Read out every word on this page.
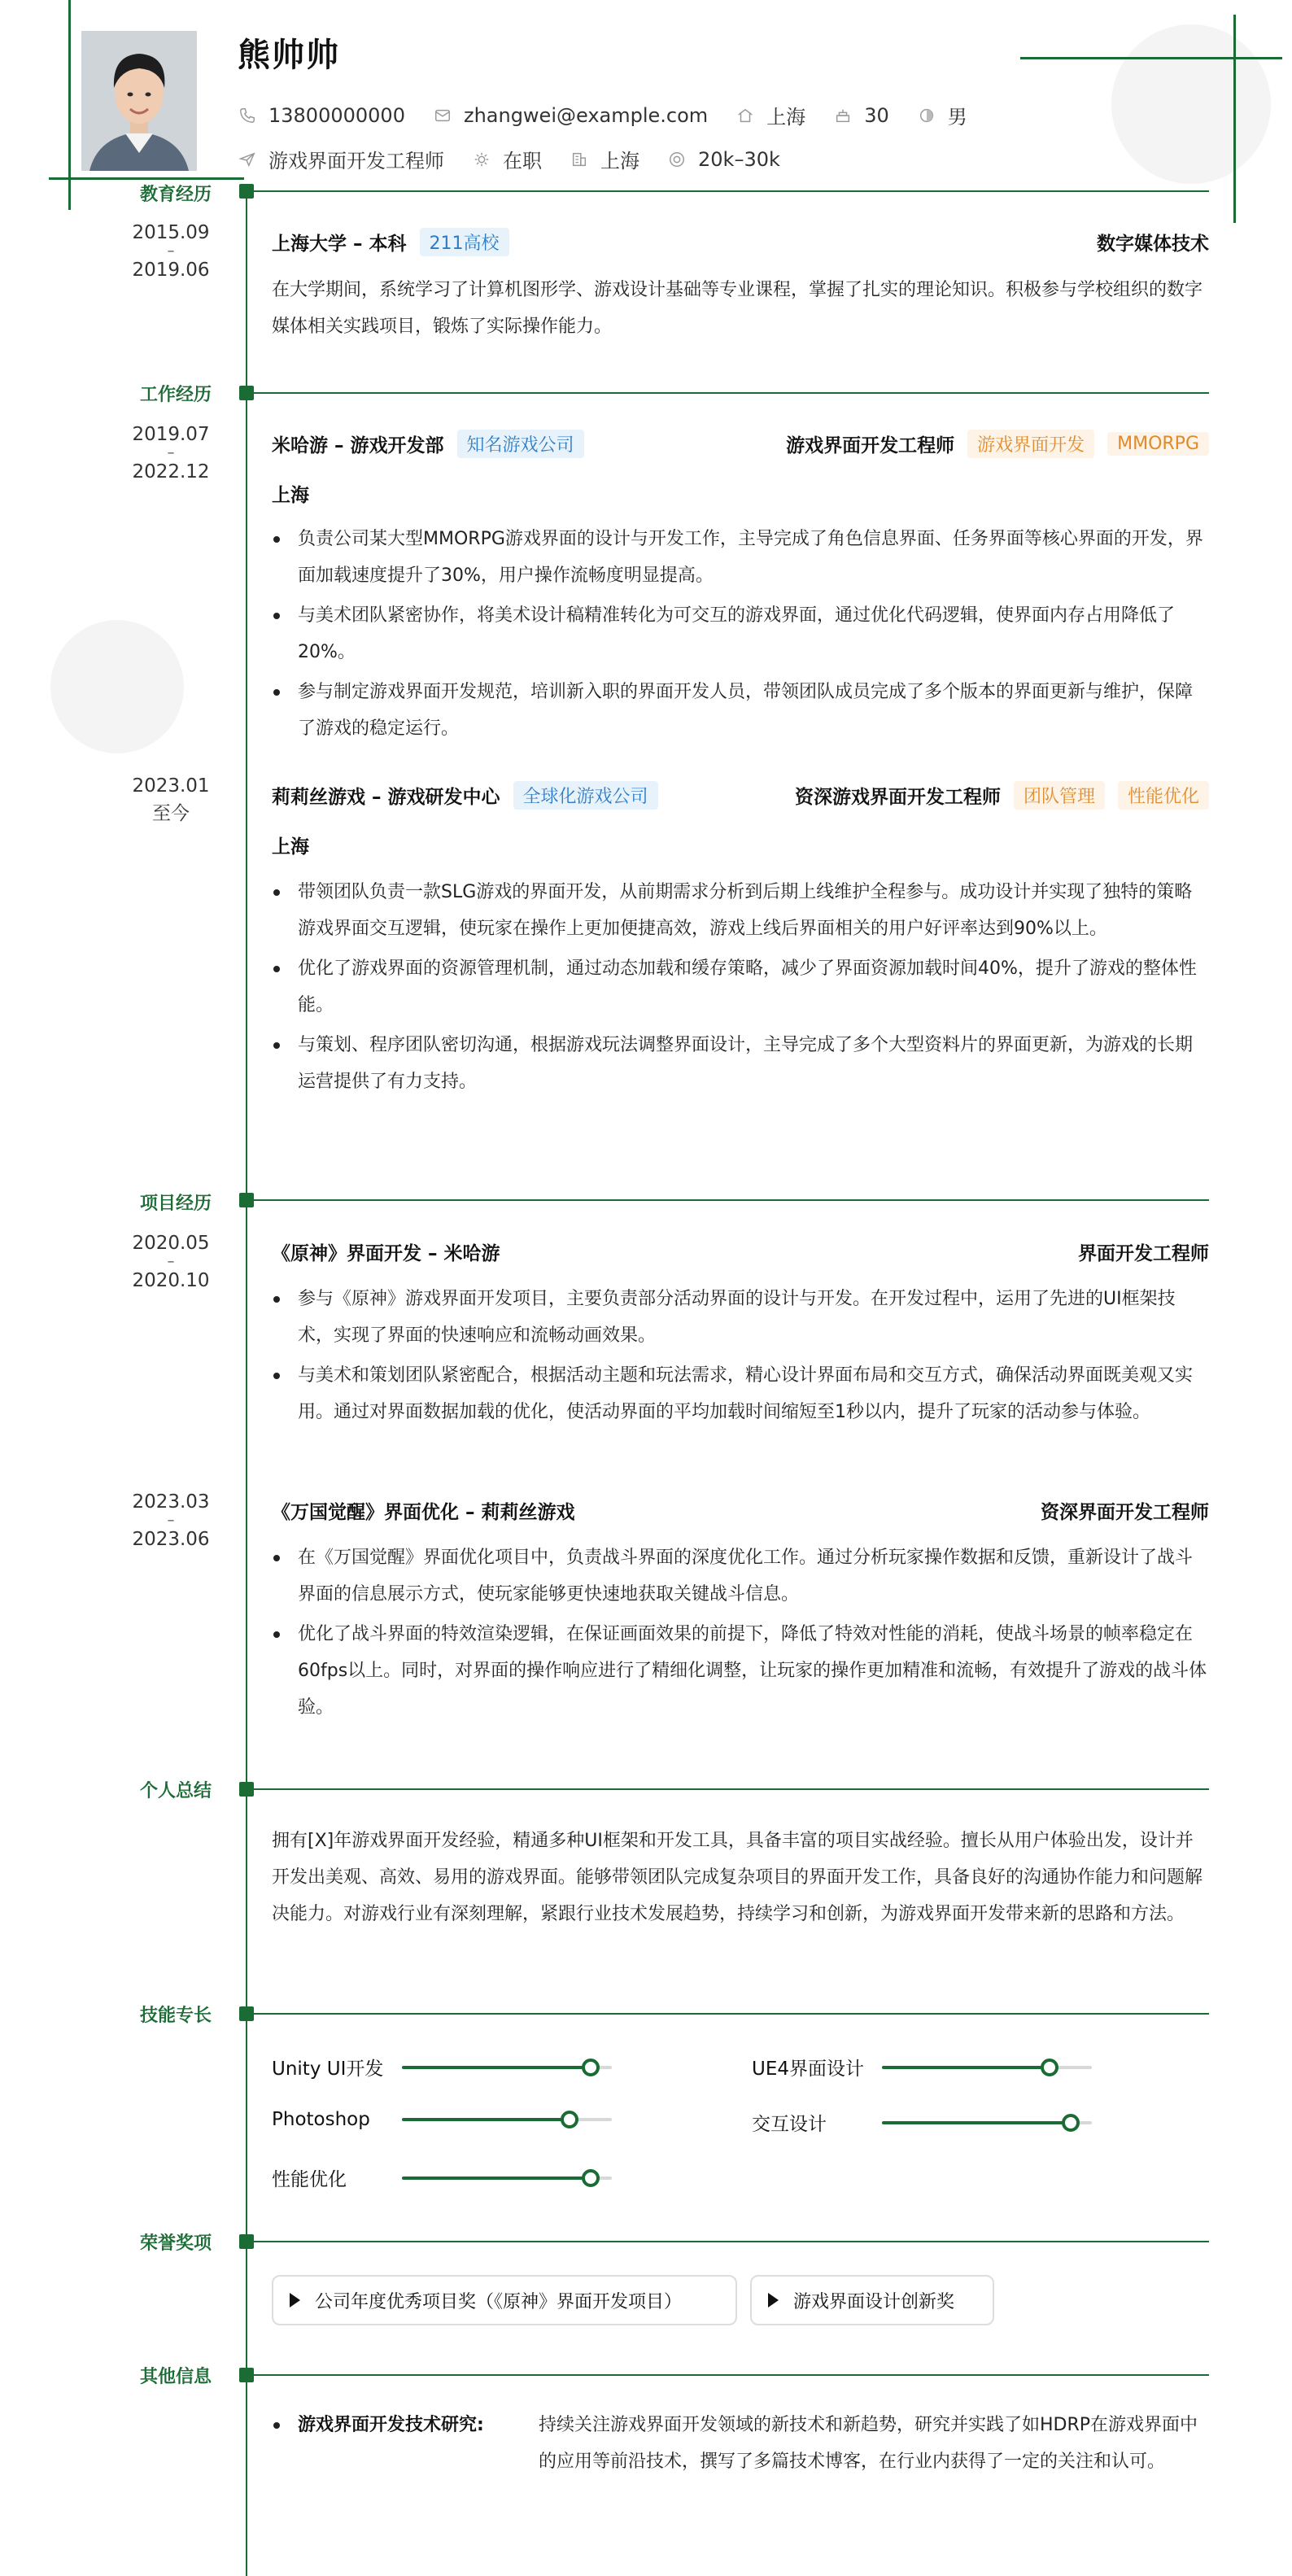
熊帅帅
13800000000	zhangwei@example.com	上海	30	男
游戏界面开发工程师	在职	上海	20k–30k
教育经历
2015.09
–
2019.06
上海大学 – 本科	211高校	数字媒体技术
在大学期间，系统学习了计算机图形学、游戏设计基础等专业课程，掌握了扎实的理论知识。积极参与学校组织的数字媒体相关实践项目，锻炼了实际操作能力。
工作经历
2019.07
–
2022.12
米哈游 – 游戏开发部	知名游戏公司	游戏界面开发工程师	游戏界面开发	MMORPG
上海
负责公司某大型MMORPG游戏界面的设计与开发工作，主导完成了角色信息界面、任务界面等核心界面的开发，界面加载速度提升了30%，用户操作流畅度明显提高。
与美术团队紧密协作，将美术设计稿精准转化为可交互的游戏界面，通过优化代码逻辑，使界面内存占用降低了20%。
参与制定游戏界面开发规范，培训新入职的界面开发人员，带领团队成员完成了多个版本的界面更新与维护，保障了游戏的稳定运行。
2023.01
至今
莉莉丝游戏 – 游戏研发中心	全球化游戏公司	资深游戏界面开发工程师	团队管理	性能优化
上海
带领团队负责一款SLG游戏的界面开发，从前期需求分析到后期上线维护全程参与。成功设计并实现了独特的策略游戏界面交互逻辑，使玩家在操作上更加便捷高效，游戏上线后界面相关的用户好评率达到90%以上。
优化了游戏界面的资源管理机制，通过动态加载和缓存策略，减少了界面资源加载时间40%，提升了游戏的整体性能。
与策划、程序团队密切沟通，根据游戏玩法调整界面设计，主导完成了多个大型资料片的界面更新，为游戏的长期运营提供了有力支持。
项目经历
2020.05
–
2020.10
《原神》界面开发 – 米哈游	界面开发工程师
参与《原神》游戏界面开发项目，主要负责部分活动界面的设计与开发。在开发过程中，运用了先进的UI框架技术，实现了界面的快速响应和流畅动画效果。
与美术和策划团队紧密配合，根据活动主题和玩法需求，精心设计界面布局和交互方式，确保活动界面既美观又实用。通过对界面数据加载的优化，使活动界面的平均加载时间缩短至1秒以内，提升了玩家的活动参与体验。
2023.03
–
2023.06
《万国觉醒》界面优化 – 莉莉丝游戏	资深界面开发工程师
在《万国觉醒》界面优化项目中，负责战斗界面的深度优化工作。通过分析玩家操作数据和反馈，重新设计了战斗界面的信息展示方式，使玩家能够更快速地获取关键战斗信息。
优化了战斗界面的特效渲染逻辑，在保证画面效果的前提下，降低了特效对性能的消耗，使战斗场景的帧率稳定在60fps以上。同时，对界面的操作响应进行了精细化调整，让玩家的操作更加精准和流畅，有效提升了游戏的战斗体验。
个人总结
拥有[X]年游戏界面开发经验，精通多种UI框架和开发工具，具备丰富的项目实战经验。擅长从用户体验出发，设计并开发出美观、高效、易用的游戏界面。能够带领团队完成复杂项目的界面开发工作，具备良好的沟通协作能力和问题解决能力。对游戏行业有深刻理解，紧跟行业技术发展趋势，持续学习和创新，为游戏界面开发带来新的思路和方法。
技能专长
Unity UI开发	UE4界面设计
Photoshop	交互设计
性能优化
荣誉奖项
公司年度优秀项目奖（《原神》界面开发项目）	游戏界面设计创新奖
其他信息
游戏界面开发技术研究:	持续关注游戏界面开发领域的新技术和新趋势，研究并实践了如HDRP在游戏界面中的应用等前沿技术，撰写了多篇技术博客，在行业内获得了一定的关注和认可。
